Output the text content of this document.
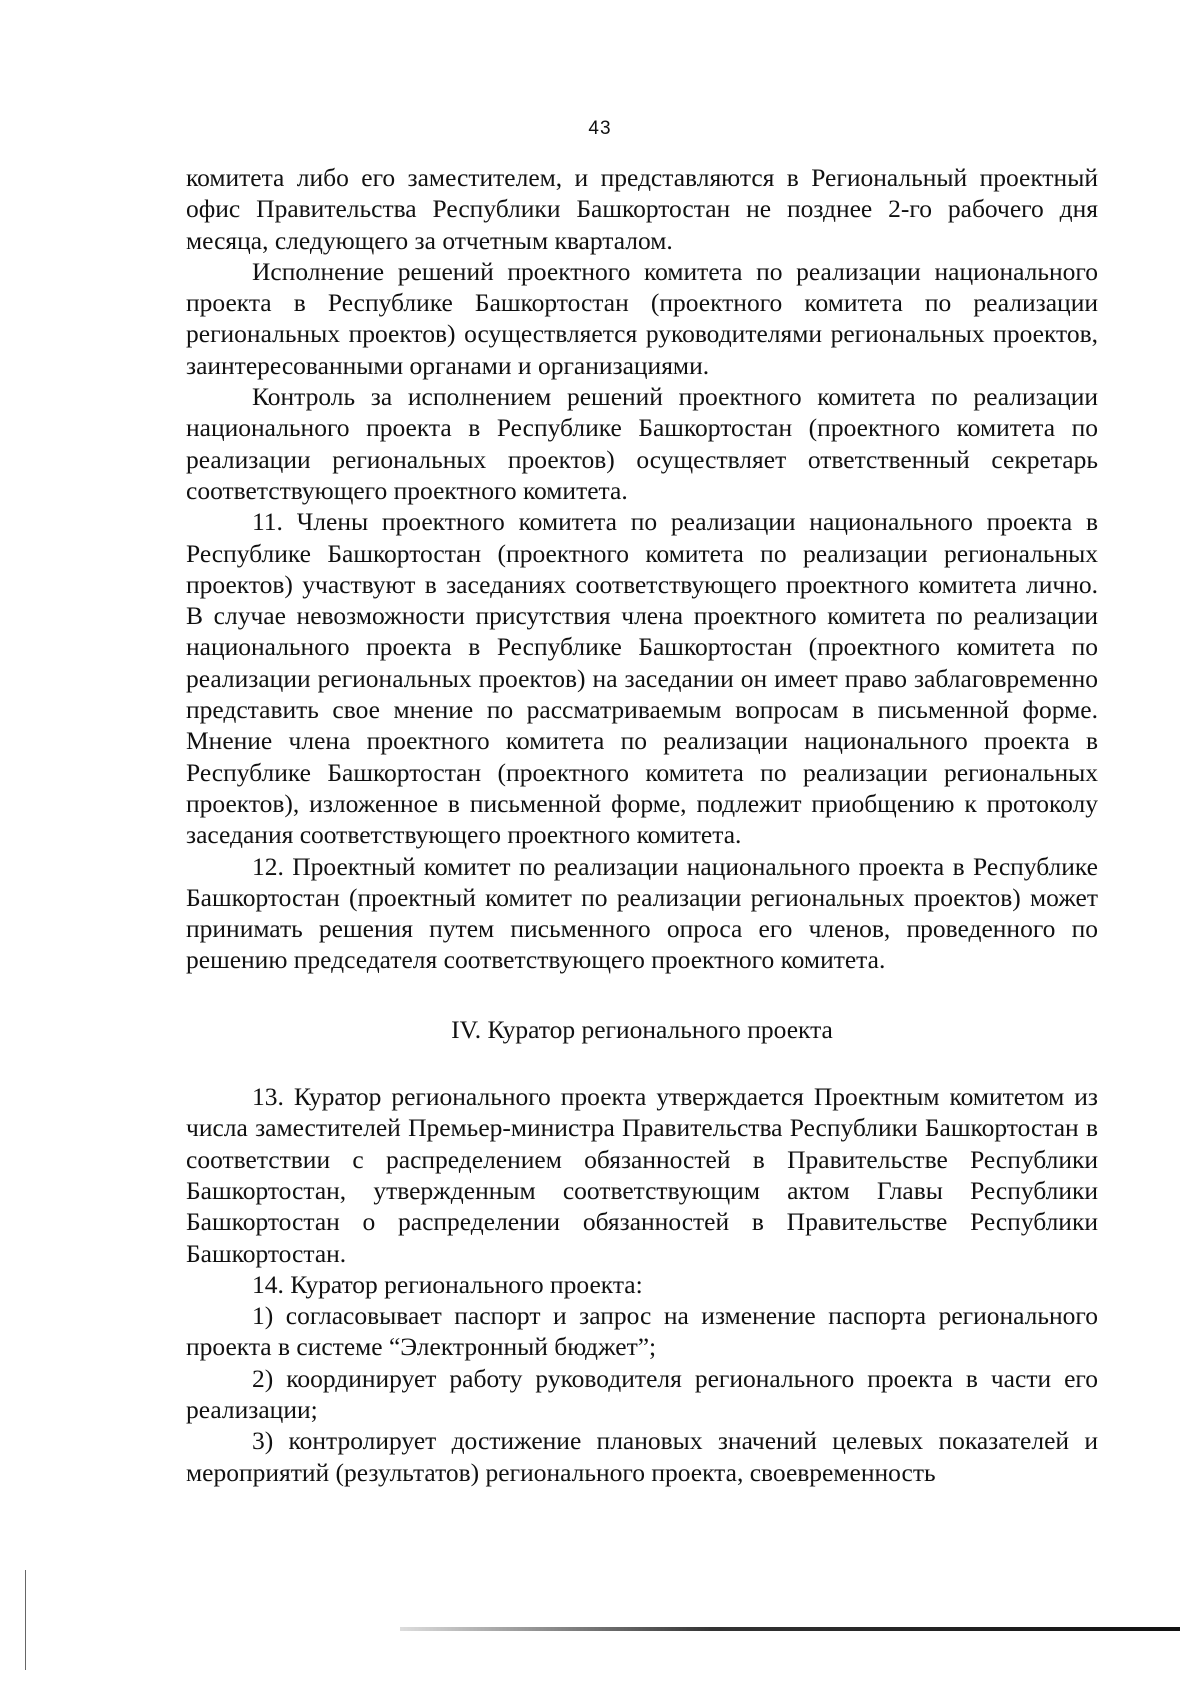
43

комитета либо его заместителем, и представляются в Региональный проектный офис Правительства Республики Башкортостан не позднее 2-го рабочего дня месяца, следующего за отчетным кварталом.

Исполнение решений проектного комитета по реализации национального проекта в Республике Башкортостан (проектного комитета по реализации региональных проектов) осуществляется руководителями региональных проектов, заинтересованными органами и организациями.

Контроль за исполнением решений проектного комитета по реализации национального проекта в Республике Башкортостан (проектного комитета по реализации региональных проектов) осуществляет ответственный секретарь соответствующего проектного комитета.

11. Члены проектного комитета по реализации национального проекта в Республике Башкортостан (проектного комитета по реализации региональных проектов) участвуют в заседаниях соответствующего проектного комитета лично. В случае невозможности присутствия члена проектного комитета по реализации национального проекта в Республике Башкортостан (проектного комитета по реализации региональных проектов) на заседании он имеет право заблаговременно представить свое мнение по рассматриваемым вопросам в письменной форме. Мнение члена проектного комитета по реализации национального проекта в Республике Башкортостан (проектного комитета по реализации региональных проектов), изложенное в письменной форме, подлежит приобщению к протоколу заседания соответствующего проектного комитета.

12. Проектный комитет по реализации национального проекта в Республике Башкортостан (проектный комитет по реализации региональных проектов) может принимать решения путем письменного опроса его членов, проведенного по решению председателя соответствующего проектного комитета.

IV. Куратор регионального проекта

13. Куратор регионального проекта утверждается Проектным комитетом из числа заместителей Премьер-министра Правительства Республики Башкортостан в соответствии с распределением обязанностей в Правительстве Республики Башкортостан, утвержденным соответствующим актом Главы Республики Башкортостан о распределении обязанностей в Правительстве Республики Башкортостан.

14. Куратор регионального проекта:

1) согласовывает паспорт и запрос на изменение паспорта регионального проекта в системе “Электронный бюджет”;

2) координирует работу руководителя регионального проекта в части его реализации;

3) контролирует достижение плановых значений целевых показателей и мероприятий (результатов) регионального проекта, своевременность
